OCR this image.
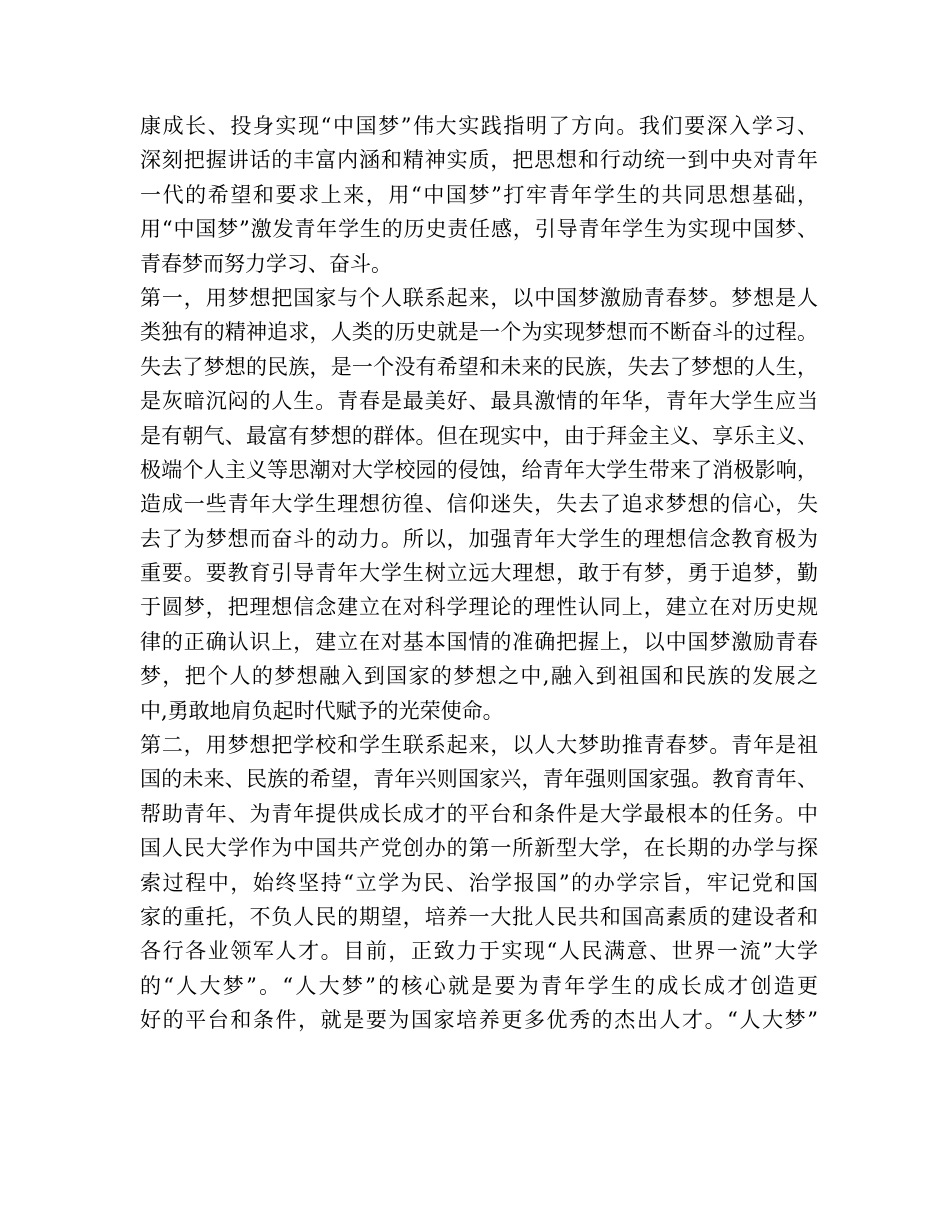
康成长、投身实现“中国梦”伟大实践指明了方向。我们要深入学习、
深刻把握讲话的丰富内涵和精神实质，把思想和行动统一到中央对青年
一代的希望和要求上来，用“中国梦”打牢青年学生的共同思想基础，
用“中国梦”激发青年学生的历史责任感，引导青年学生为实现中国梦、
青春梦而努力学习、奋斗。
第一，用梦想把国家与个人联系起来，以中国梦激励青春梦。梦想是人
类独有的精神追求，人类的历史就是一个为实现梦想而不断奋斗的过程。
失去了梦想的民族，是一个没有希望和未来的民族，失去了梦想的人生，
是灰暗沉闷的人生。青春是最美好、最具激情的年华，青年大学生应当
是有朝气、最富有梦想的群体。但在现实中，由于拜金主义、享乐主义、
极端个人主义等思潮对大学校园的侵蚀，给青年大学生带来了消极影响，
造成一些青年大学生理想彷徨、信仰迷失，失去了追求梦想的信心，失
去了为梦想而奋斗的动力。所以，加强青年大学生的理想信念教育极为
重要。要教育引导青年大学生树立远大理想，敢于有梦，勇于追梦，勤
于圆梦，把理想信念建立在对科学理论的理性认同上，建立在对历史规
律的正确认识上，建立在对基本国情的准确把握上，以中国梦激励青春
梦，把个人的梦想融入到国家的梦想之中,融入到祖国和民族的发展之
中,勇敢地肩负起时代赋予的光荣使命。
第二，用梦想把学校和学生联系起来，以人大梦助推青春梦。青年是祖
国的未来、民族的希望，青年兴则国家兴，青年强则国家强。教育青年、
帮助青年、为青年提供成长成才的平台和条件是大学最根本的任务。中
国人民大学作为中国共产党创办的第一所新型大学，在长期的办学与探
索过程中，始终坚持“立学为民、治学报国”的办学宗旨，牢记党和国
家的重托，不负人民的期望，培养一大批人民共和国高素质的建设者和
各行各业领军人才。目前，正致力于实现“人民满意、世界一流”大学
的“人大梦”。“人大梦”的核心就是要为青年学生的成长成才创造更
好的平台和条件，就是要为国家培养更多优秀的杰出人才。“人大梦”
